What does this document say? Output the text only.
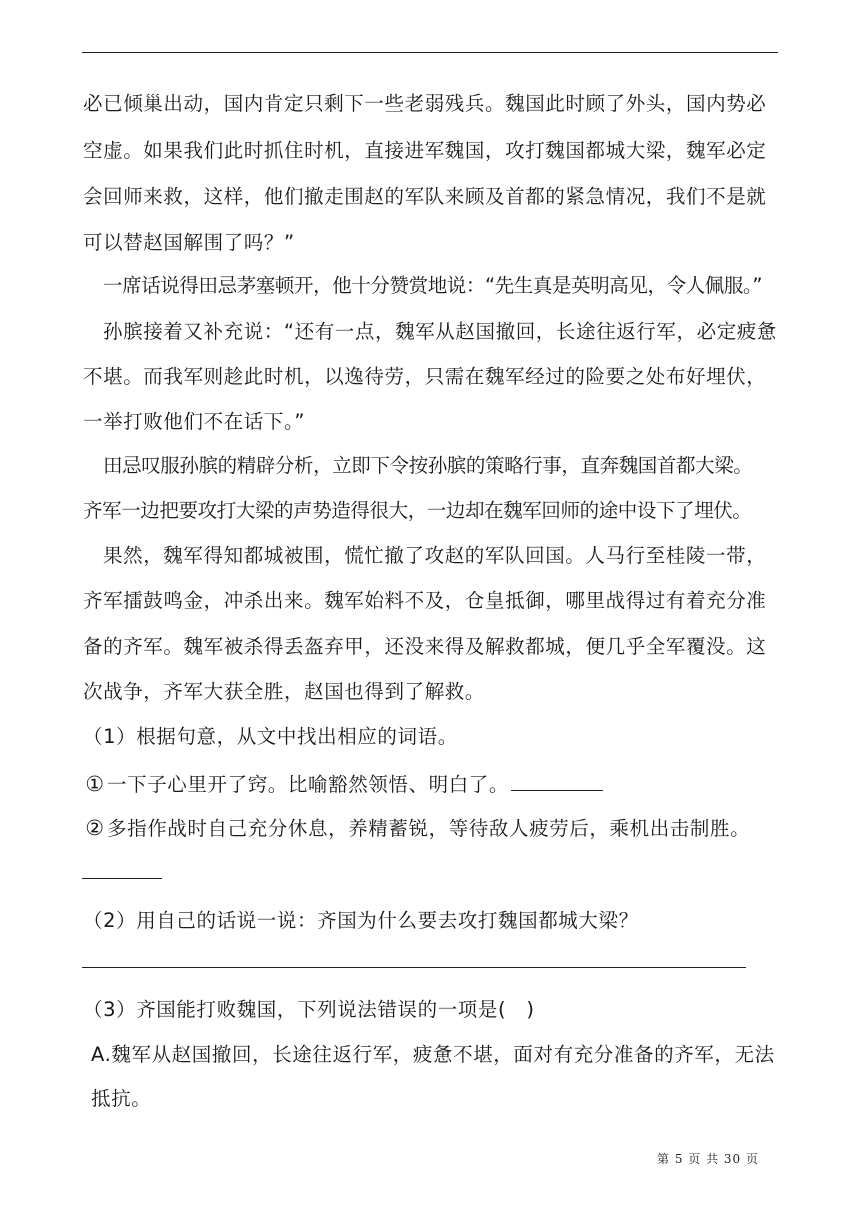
必已倾巢出动，国内肯定只剩下一些老弱残兵。魏国此时顾了外头，国内势必
空虚。如果我们此时抓住时机，直接进军魏国，攻打魏国都城大梁，魏军必定
会回师来救，这样，他们撤走围赵的军队来顾及首都的紧急情况，我们不是就
可以替赵国解围了吗？”
一席话说得田忌茅塞顿开，他十分赞赏地说：“先生真是英明高见，令人佩服。”
孙膑接着又补充说：“还有一点，魏军从赵国撤回，长途往返行军，必定疲惫
不堪。而我军则趁此时机，以逸待劳，只需在魏军经过的险要之处布好埋伏，
一举打败他们不在话下。”
田忌叹服孙膑的精辟分析，立即下令按孙膑的策略行事，直奔魏国首都大梁。
齐军一边把要攻打大梁的声势造得很大，一边却在魏军回师的途中设下了埋伏。
果然，魏军得知都城被围，慌忙撤了攻赵的军队回国。人马行至桂陵一带，
齐军擂鼓鸣金，冲杀出来。魏军始料不及，仓皇抵御，哪里战得过有着充分准
备的齐军。魏军被杀得丢盔弃甲，还没来得及解救都城，便几乎全军覆没。这
次战争，齐军大获全胜，赵国也得到了解救。
（1）根据句意，从文中找出相应的词语。
① 一下子心里开了窍。比喻豁然领悟、明白了。
② 多指作战时自己充分休息，养精蓄锐，等待敌人疲劳后，乘机出击制胜。
（2）用自己的话说一说：齐国为什么要去攻打魏国都城大梁？
（3）齐国能打败魏国，下列说法错误的一项是(　)
A.魏军从赵国撤回，长途往返行军，疲惫不堪，面对有充分准备的齐军，无法
抵抗。
第 5 页 共 30 页
